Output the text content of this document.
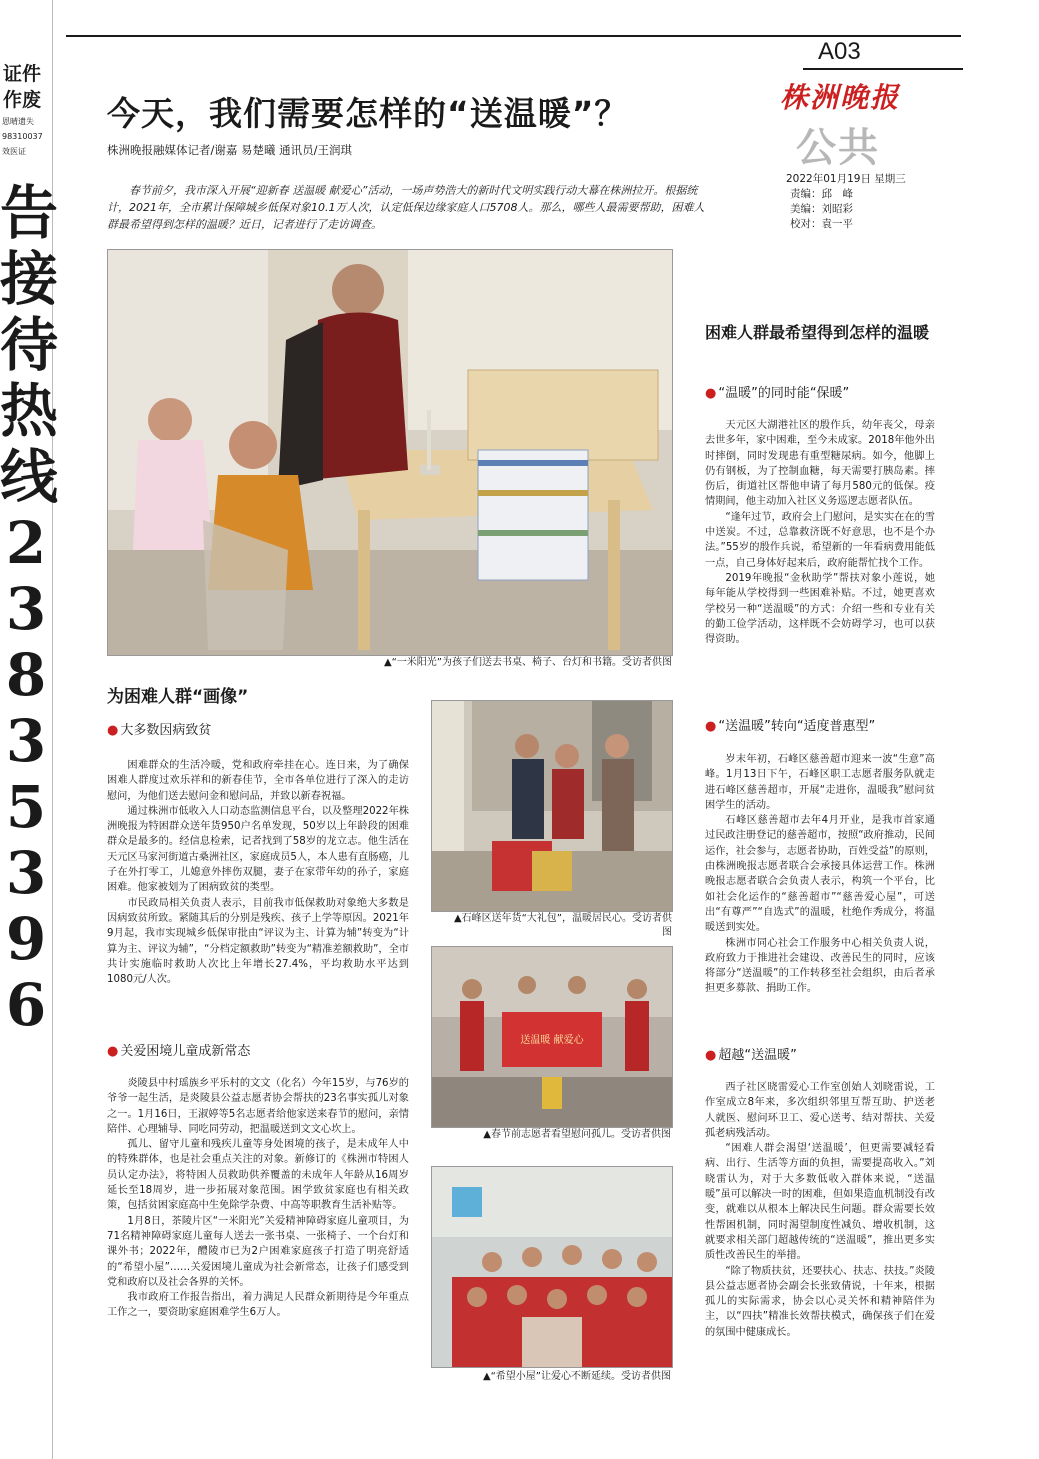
证件
作废
恩晴遗失
98310037
效医证
告
接
待
热
线
2
3
8
3
5
3
9
6
A03
株洲晚报
公共
2022年01月19日 星期三
责编：邱　峰
美编：刘昭彩
校对：袁一平
今天，我们需要怎样的“送温暖”？
株洲晚报融媒体记者/谢嘉 易楚曦 通讯员/王润琪
春节前夕，我市深入开展“迎新春 送温暖 献爱心”活动，一场声势浩大的新时代文明实践行动大幕在株洲拉开。根据统计，2021年，全市累计保障城乡低保对象10.1万人次，认定低保边缘家庭人口5708人。那么，哪些人最需要帮助，困难人群最希望得到怎样的温暖？近日，记者进行了走访调查。
▲“一米阳光”为孩子们送去书桌、椅子、台灯和书籍。受访者供图
为困难人群“画像”
● 大多数因病致贫

困难群众的生活冷暖，党和政府牵挂在心。连日来，为了确保困难人群度过欢乐祥和的新春佳节，全市各单位进行了深入的走访慰问，为他们送去慰问金和慰问品，并致以新春祝福。

通过株洲市低收入人口动态监测信息平台，以及整理2022年株洲晚报为特困群众送年货950户名单发现，50岁以上年龄段的困难群众是最多的。经信息检索，记者找到了58岁的龙立志。他生活在天元区马家河街道古桑洲社区，家庭成员5人，本人患有直肠癌，儿子在外打零工，儿媳意外摔伤双腿，妻子在家带年幼的孙子，家庭困难。他家被划为了困病致贫的类型。

市民政局相关负责人表示，目前我市低保救助对象绝大多数是因病致贫所致。紧随其后的分别是残疾、孩子上学等原因。2021年9月起，我市实现城乡低保审批由“评议为主、计算为辅”转变为“计算为主、评议为辅”，“分档定额救助”转变为“精准差额救助”，全市共计实施临时救助人次比上年增长27.4%，平均救助水平达到1080元/人次。

● 关爱困境儿童成新常态

炎陵县中村瑶族乡平乐村的文文（化名）今年15岁，与76岁的爷爷一起生活，是炎陵县公益志愿者协会帮扶的23名事实孤儿对象之一。1月16日，王淑婷等5名志愿者给他家送来春节的慰问，亲情陪伴、心理辅导、同吃同劳动，把温暖送到文文心坎上。

孤儿、留守儿童和残疾儿童等身处困境的孩子，是未成年人中的特殊群体，也是社会重点关注的对象。新修订的《株洲市特困人员认定办法》，将特困人员救助供养覆盖的未成年人年龄从16周岁延长至18周岁，进一步拓展对象范围。困学致贫家庭也有相关政策，包括贫困家庭高中生免除学杂费、中高等职教育生活补贴等。

1月8日，茶陵片区“一米阳光”关爱精神障碍家庭儿童项目，为71名精神障碍家庭儿童每人送去一张书桌、一张椅子、一个台灯和课外书；2022年，醴陵市已为2户困难家庭孩子打造了明亮舒适的“希望小屋”……关爱困境儿童成为社会新常态，让孩子们感受到党和政府以及社会各界的关怀。

我市政府工作报告指出，着力满足人民群众新期待是今年重点工作之一，要资助家庭困难学生6万人。

▲石峰区送年货“大礼包”，温暖居民心。受访者供图
送温暖 献爱心
▲春节前志愿者看望慰问孤儿。受访者供图
▲“希望小屋”让爱心不断延续。受访者供图
困难人群最希望得到怎样的温暖
● “温暖”的同时能“保暖”

天元区大湖港社区的殷作兵，幼年丧父，母亲去世多年，家中困难，至今未成家。2018年他外出时摔倒，同时发现患有重型糖尿病。如今，他脚上仍有钢板，为了控制血糖，每天需要打胰岛素。摔伤后，街道社区帮他申请了每月580元的低保。疫情期间，他主动加入社区义务巡逻志愿者队伍。

“逢年过节，政府会上门慰问，是实实在在的雪中送炭。不过，总靠救济既不好意思，也不是个办法。”55岁的殷作兵说，希望新的一年看病费用能低一点，自己身体好起来后，政府能帮忙找个工作。

2019年晚报“金秋助学”帮扶对象小莲说，她每年能从学校得到一些困难补贴。不过，她更喜欢学校另一种“送温暖”的方式：介绍一些和专业有关的勤工俭学活动，这样既不会妨碍学习，也可以获得资助。

● “送温暖”转向“适度普惠型”

岁末年初，石峰区慈善超市迎来一波“生意”高峰。1月13日下午，石峰区职工志愿者服务队就走进石峰区慈善超市，开展“走进你，温暖我”慰问贫困学生的活动。

石峰区慈善超市去年4月开业，是我市首家通过民政注册登记的慈善超市，按照“政府推动，民间运作，社会参与，志愿者协助，百姓受益”的原则，由株洲晚报志愿者联合会承接具体运营工作。株洲晚报志愿者联合会负责人表示，构筑一个平台，比如社会化运作的“慈善超市”“慈善爱心屋”，可送出“有尊严”“自选式”的温暖，杜绝作秀成分，将温暖送到实处。

株洲市同心社会工作服务中心相关负责人说，政府致力于推进社会建设、改善民生的同时，应该将部分“送温暖”的工作转移至社会组织，由后者承担更多募款、捐助工作。

● 超越“送温暖”

西子社区晓雷爱心工作室创始人刘晓雷说，工作室成立8年来，多次组织邻里互帮互助、护送老人就医、慰问环卫工、爱心送考、结对帮扶、关爱孤老病残活动。

“困难人群会渴望‘送温暖’，但更需要减轻看病、出行、生活等方面的负担，需要提高收入。”刘晓雷认为，对于大多数低收入群体来说，“送温暖”虽可以解决一时的困难，但如果造血机制没有改变，就难以从根本上解决民生问题。群众需要长效性帮困机制，同时渴望制度性减负、增收机制，这就要求相关部门超越传统的“送温暖”，推出更多实质性改善民生的举措。

“除了物质扶贫，还要扶心、扶志、扶技。”炎陵县公益志愿者协会副会长张致倩说，十年来，根据孤儿的实际需求，协会以心灵关怀和精神陪伴为主，以“四扶”精准长效帮扶模式，确保孩子们在爱的氛围中健康成长。
